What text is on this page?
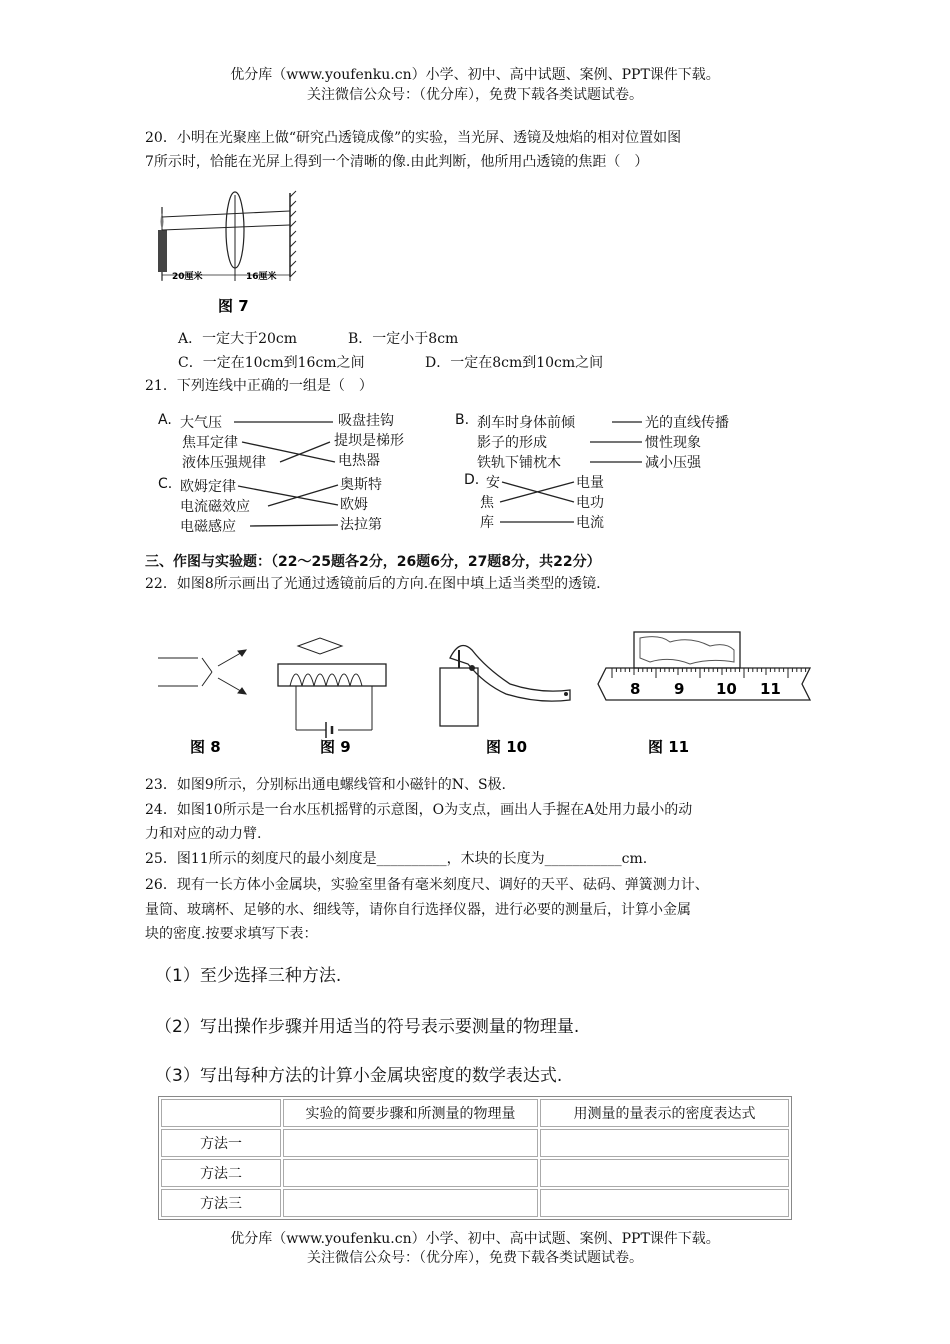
优分库（www.youfenku.cn）小学、初中、高中试题、案例、PPT课件下载。
关注微信公众号：（优分库），免费下载各类试题试卷。
20．小明在光聚座上做“研究凸透镜成像”的实验，当光屏、透镜及烛焰的相对位置如图
7所示时，恰能在光屏上得到一个清晰的像.由此判断，他所用凸透镜的焦距（　）
20厘米	16厘米
图 7
A．一定大于20cm	B．一定小于8cm
C．一定在10cm到16cm之间	D．一定在8cm到10cm之间
21．下列连线中正确的一组是（　）
A. 大气压
焦耳定律
液体压强规律
吸盘挂钩
提坝是梯形
电热器
B. 刹车时身体前倾
影子的形成
铁轨下铺枕木
光的直线传播
惯性现象
减小压强
C. 欧姆定律
电流磁效应
电磁感应
奥斯特
欧姆
法拉第
D. 安
焦
库
电量
电功
电流
三、作图与实验题：（22～25题各2分，26题6分，27题8分，共22分）
22．如图8所示画出了光通过透镜前后的方向.在图中填上适当类型的透镜.
8 9 10 11
图 8	图 9	图 10	图 11
23．如图9所示，分别标出通电螺线管和小磁针的N、S极.
24．如图10所示是一台水压机摇臂的示意图，O为支点，画出人手握在A处用力最小的动
力和对应的动力臂.
25．图11所示的刻度尺的最小刻度是__________，木块的长度为___________cm.
26．现有一长方体小金属块，实验室里备有毫米刻度尺、调好的天平、砝码、弹簧测力计、
量筒、玻璃杯、足够的水、细线等，请你自行选择仪器，进行必要的测量后，计算小金属
块的密度.按要求填写下表：
（1）至少选择三种方法.
（2）写出操作步骤并用适当的符号表示要测量的物理量.
（3）写出每种方法的计算小金属块密度的数学表达式.
	实验的简要步骤和所测量的物理量	用测量的量表示的密度表达式
方法一		
方法二		
方法三		
优分库（www.youfenku.cn）小学、初中、高中试题、案例、PPT课件下载。
关注微信公众号：（优分库），免费下载各类试题试卷。
